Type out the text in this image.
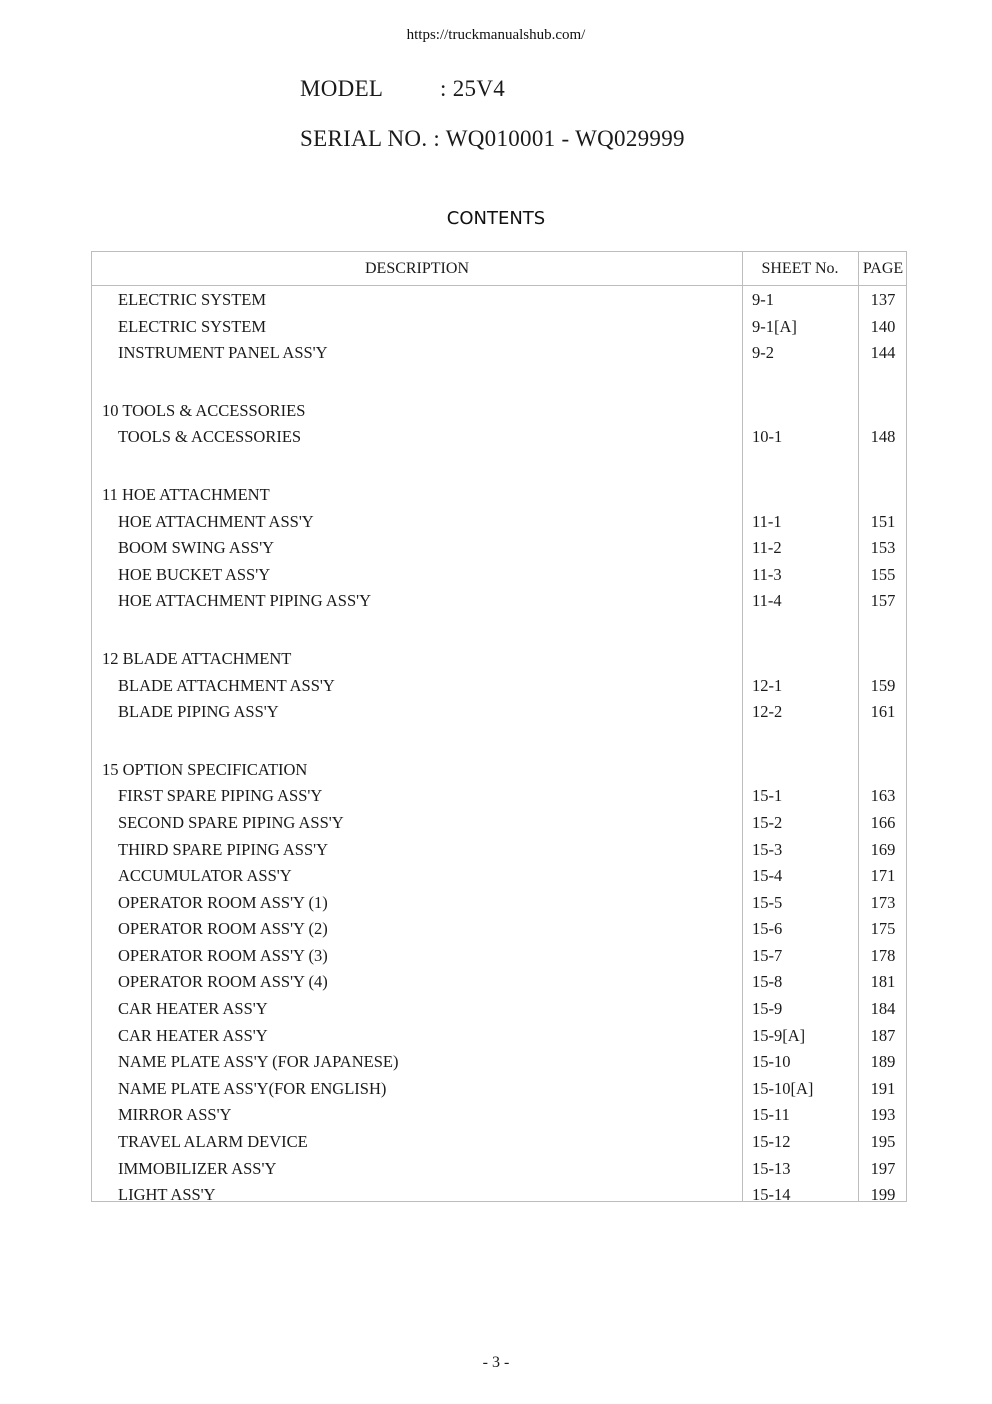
https://truckmanualshub.com/
MODEL : 25V4
SERIAL NO. : WQ010001 - WQ029999
CONTENTS
DESCRIPTION	SHEET No.	PAGE
ELECTRIC SYSTEM	9-1	137
ELECTRIC SYSTEM	9-1[A]	140
INSTRUMENT PANEL ASS'Y	9-2	144
10 TOOLS & ACCESSORIES
TOOLS & ACCESSORIES	10-1	148
11 HOE ATTACHMENT
HOE ATTACHMENT ASS'Y	11-1	151
BOOM SWING ASS'Y	11-2	153
HOE BUCKET ASS'Y	11-3	155
HOE ATTACHMENT PIPING ASS'Y	11-4	157
12 BLADE ATTACHMENT
BLADE ATTACHMENT ASS'Y	12-1	159
BLADE PIPING ASS'Y	12-2	161
15 OPTION SPECIFICATION
FIRST SPARE PIPING ASS'Y	15-1	163
SECOND SPARE PIPING ASS'Y	15-2	166
THIRD SPARE PIPING ASS'Y	15-3	169
ACCUMULATOR ASS'Y	15-4	171
OPERATOR ROOM ASS'Y (1)	15-5	173
OPERATOR ROOM ASS'Y (2)	15-6	175
OPERATOR ROOM ASS'Y (3)	15-7	178
OPERATOR ROOM ASS'Y (4)	15-8	181
CAR HEATER ASS'Y	15-9	184
CAR HEATER ASS'Y	15-9[A]	187
NAME PLATE ASS'Y (FOR JAPANESE)	15-10	189
NAME PLATE ASS'Y(FOR ENGLISH)	15-10[A]	191
MIRROR ASS'Y	15-11	193
TRAVEL ALARM DEVICE	15-12	195
IMMOBILIZER ASS'Y	15-13	197
LIGHT ASS'Y	15-14	199
- 3 -
